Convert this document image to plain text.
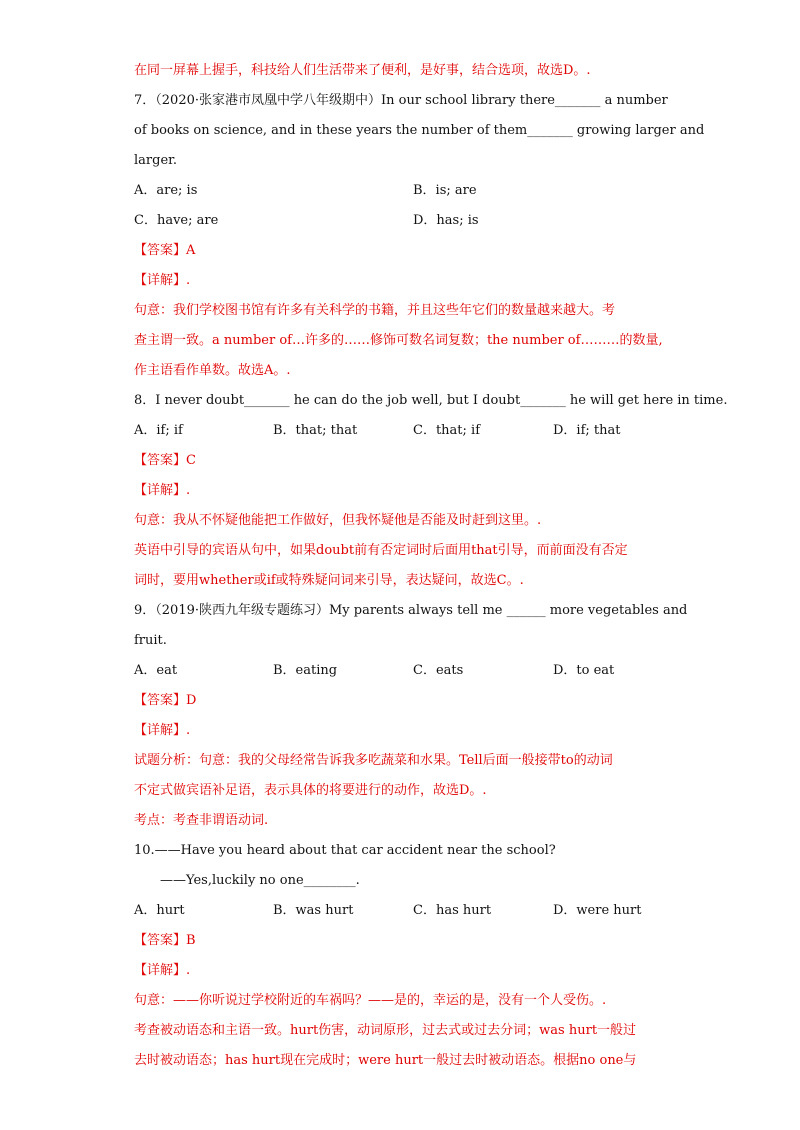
在同一屏幕上握手，科技给人们生活带来了便利，是好事，结合选项，故选D。.
7．（2020·张家港市凤凰中学八年级期中）In our school library there_______ a number
of books on science, and in these years the number of them_______ growing larger and
larger.
A．are; is	B．is; are
C．have; are	D．has; is
【答案】A
【详解】.
句意：我们学校图书馆有许多有关科学的书籍，并且这些年它们的数量越来越大。考
查主谓一致。a number of…许多的……修饰可数名词复数；the number of………的数量,
作主语看作单数。故选A。.
8．I never doubt_______ he can do the job well, but I doubt_______ he will get here in time.
A．if; if	B．that; that	C．that; if	D．if; that
【答案】C
【详解】.
句意：我从不怀疑他能把工作做好，但我怀疑他是否能及时赶到这里。.
英语中引导的宾语从句中，如果doubt前有否定词时后面用that引导，而前面没有否定
词时，要用whether或if或特殊疑问词来引导，表达疑问，故选C。.
9．（2019·陕西九年级专题练习）My parents always tell me ______ more vegetables and
fruit.
A．eat	B．eating	C．eats	D．to eat
【答案】D
【详解】.
试题分析：句意：我的父母经常告诉我多吃蔬菜和水果。Tell后面一般接带to的动词
不定式做宾语补足语，表示具体的将要进行的动作，故选D。.
考点：考查非谓语动词.
10.——Have you heard about that car accident near the school?
——Yes,luckily no one________.
A．hurt	B．was hurt	C．has hurt	D．were hurt
【答案】B
【详解】.
句意：——你听说过学校附近的车祸吗？——是的，幸运的是，没有一个人受伤。.
考查被动语态和主语一致。hurt伤害，动词原形，过去式或过去分词；was hurt一般过
去时被动语态；has hurt现在完成时；were hurt一般过去时被动语态。根据no one与
